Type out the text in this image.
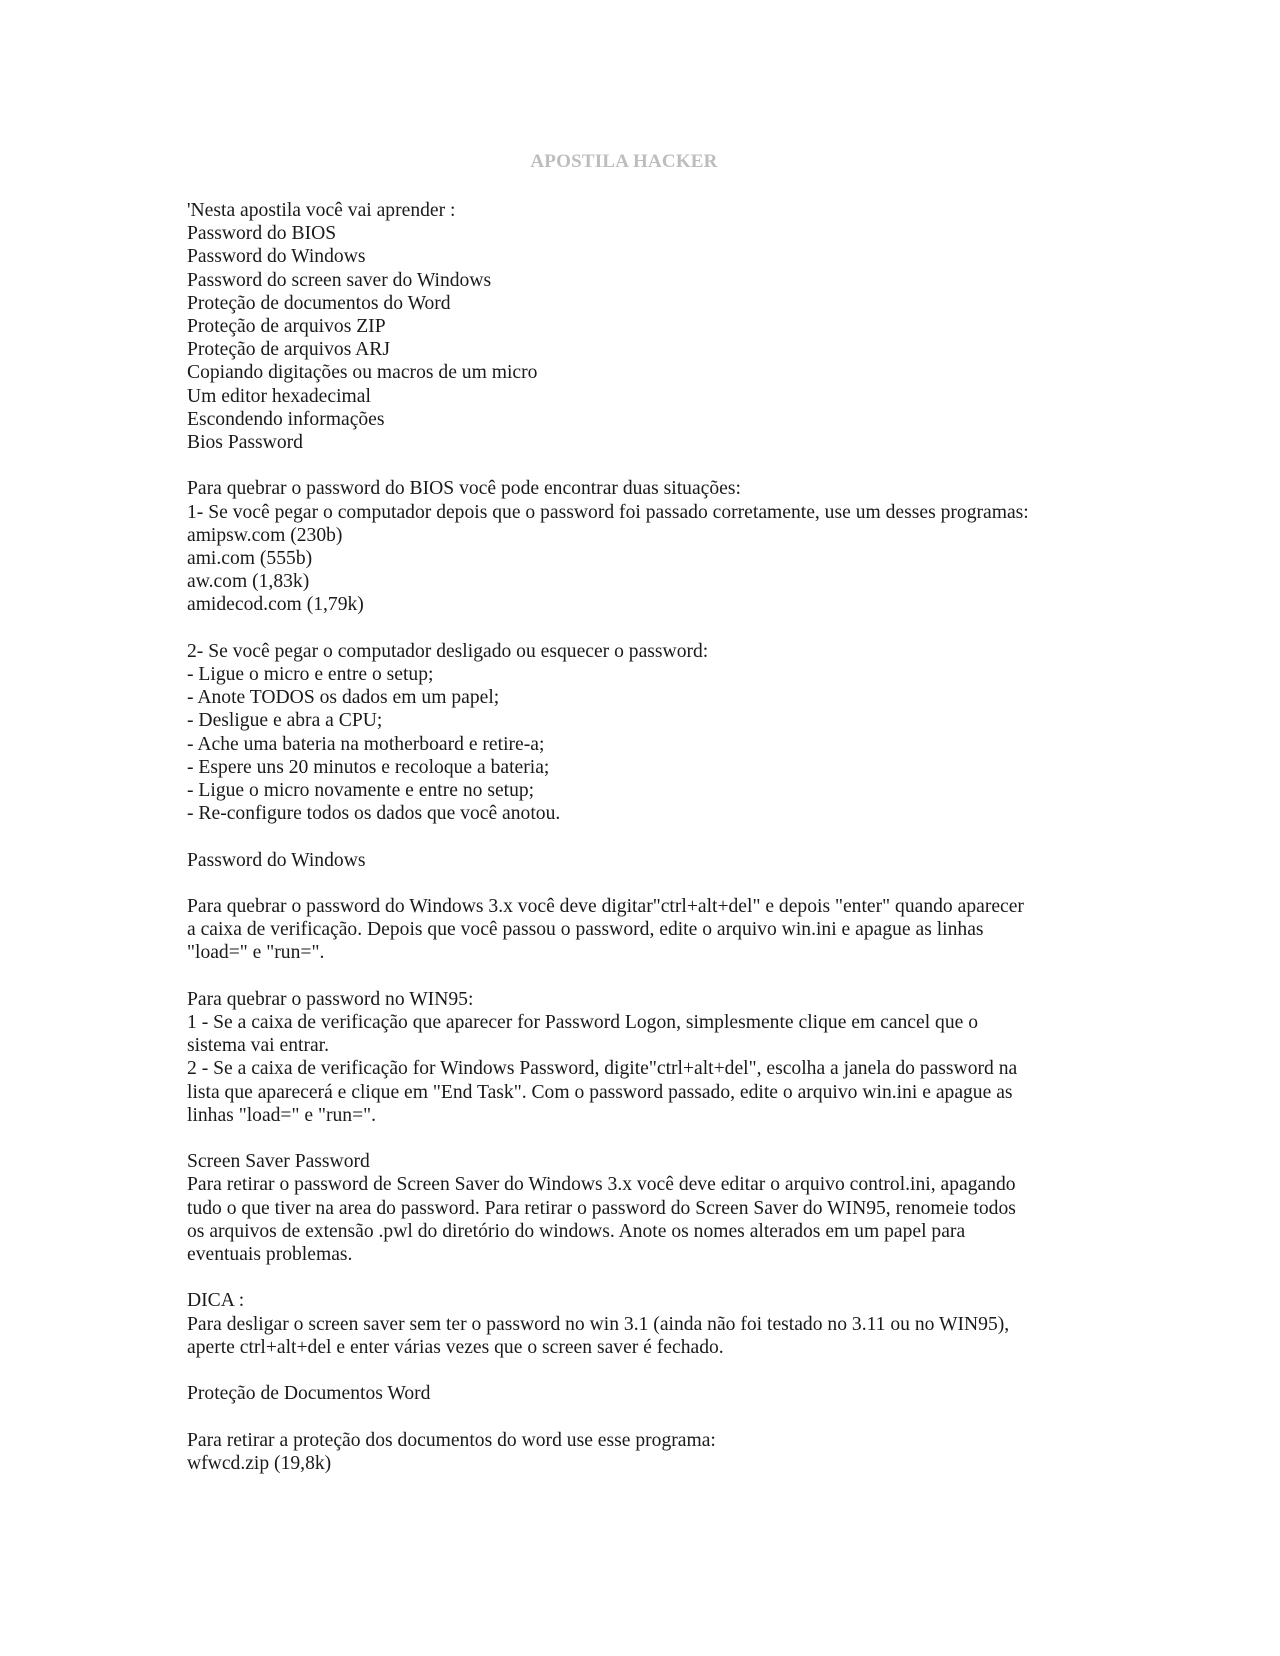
APOSTILA HACKER
'Nesta apostila você vai aprender :
Password do BIOS
Password do Windows
Password do screen saver do Windows
Proteção de documentos do Word
Proteção de arquivos ZIP
Proteção de arquivos ARJ
Copiando digitações ou macros de um micro
Um editor hexadecimal
Escondendo informações
Bios Password
Para quebrar o password do BIOS você pode encontrar duas situações:
1- Se você pegar o computador depois que o password foi passado corretamente, use um desses programas:
amipsw.com (230b)
ami.com (555b)
aw.com (1,83k)
amidecod.com (1,79k)
2- Se você pegar o computador desligado ou esquecer o password:
- Ligue o micro e entre o setup;
- Anote TODOS os dados em um papel;
- Desligue e abra a CPU;
- Ache uma bateria na motherboard e retire-a;
- Espere uns 20 minutos e recoloque a bateria;
- Ligue o micro novamente e entre no setup;
- Re-configure todos os dados que você anotou.
Password do Windows
Para quebrar o password do Windows 3.x você deve digitar"ctrl+alt+del" e depois "enter" quando aparecer
a caixa de verificação. Depois que você passou o password, edite o arquivo win.ini e apague as linhas
"load=" e "run=".
Para quebrar o password no WIN95:
1 - Se a caixa de verificação que aparecer for Password Logon, simplesmente clique em cancel que o
sistema vai entrar.
2 - Se a caixa de verificação for Windows Password, digite"ctrl+alt+del", escolha a janela do password na
lista que aparecerá e clique em "End Task". Com o password passado, edite o arquivo win.ini e apague as
linhas "load=" e "run=".
Screen Saver Password
Para retirar o password de Screen Saver do Windows 3.x você deve editar o arquivo control.ini, apagando
tudo o que tiver na area do password. Para retirar o password do Screen Saver do WIN95, renomeie todos
os arquivos de extensão .pwl do diretório do windows. Anote os nomes alterados em um papel para
eventuais problemas.
DICA :
Para desligar o screen saver sem ter o password no win 3.1 (ainda não foi testado no 3.11 ou no WIN95),
aperte ctrl+alt+del e enter várias vezes que o screen saver é fechado.
Proteção de Documentos Word
Para retirar a proteção dos documentos do word use esse programa:
wfwcd.zip (19,8k)
